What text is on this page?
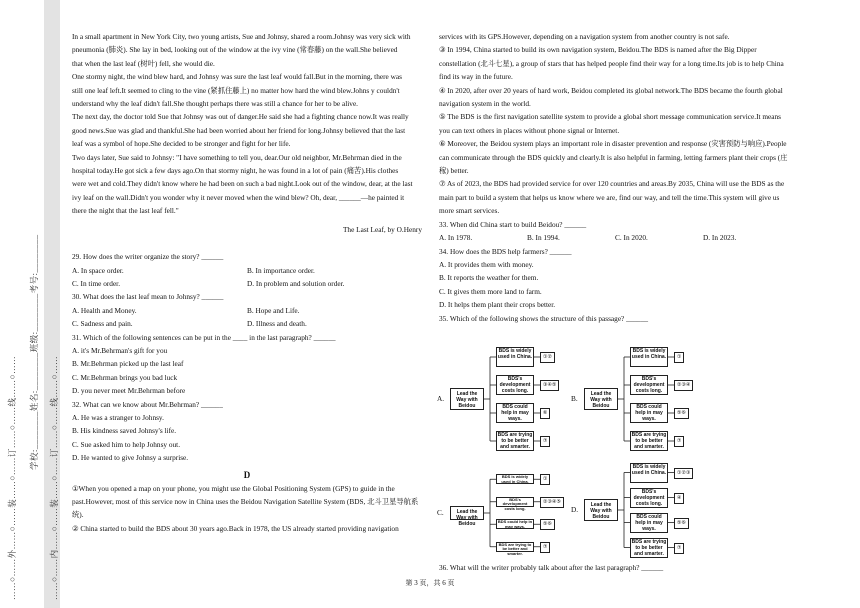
……○……外……○……装……○……订……○……线……○……
学校:________姓名:________班级:________考号:________
……○……内……○……装……○……订……○……线……○……

In a small apartment in New York City, two young artists, Sue and Johnsy, shared a room.Johnsy was very sick with

pneumonia (肺炎). She lay in bed, looking out of the window at the ivy vine (常春藤) on the wall.She believed

that when the last leaf (树叶) fell, she would die.

One stormy night, the wind blew hard, and Johnsy was sure the last leaf would fall.But in the morning, there was

still one leaf left.It seemed to cling to the vine (紧抓住藤上) no matter how hard the wind blew.Johns y couldn't

understand why the leaf didn't fall.She thought perhaps there was still a chance for her to be alive.

The next day, the doctor told Sue that Johnsy was out of danger.He said she had a fighting chance now.It was really

good news.Sue was glad and thankful.She had been worried about her friend for long.Johnsy believed that the last

leaf was a symbol of hope.She decided to be stronger and fight for her life.

Two days later, Sue said to Johnsy: "I have something to tell you, dear.Our old neighbor, Mr.Behrman died in the

hospital today.He got sick a few days ago.On that stormy night, he was found in a lot of pain (痛苦).His clothes

were wet and cold.They didn't know where he had been on such a bad night.Look out of the window, dear, at the last

ivy leaf on the wall.Didn't you wonder why it never moved when the wind blew? Oh, dear, ______—he painted it

there the night that the last leaf fell."

The Last Leaf, by O.Henry

29. How does the writer organize the story? ______

A. In space order.	B. In importance order.
C. In time order.	D. In problem and solution order.

30. What does the last leaf mean to Johnsy? ______

A. Health and Money.	B. Hope and Life.
C. Sadness and pain.	D. Illness and death.

31. Which of the following sentences can be put in the ____ in the last paragraph? ______

A. it's Mr.Behrman's gift for you

B. Mr.Behrman picked up the last leaf

C. Mr.Behrman brings you bad luck

D. you never meet Mr.Behrman before

32. What can we know about Mr.Behrman? ______

A. He was a stranger to Johnsy.

B. His kindness saved Johnsy's life.

C. Sue asked him to help Johnsy out.

D. He wanted to give Johnsy a surprise.

D

①When you opened a map on your phone, you might use the Global Positioning System (GPS) to guide in the past.However, most of this service now in China uses the Beidou Navigation Satellite System (BDS, 北斗卫星导航系统).

② China started to build the BDS about 30 years ago.Back in 1978, the US already started providing navigation

services with its GPS.However, depending on a navigation system from another country is not safe.

③ In 1994, China started to build its own navigation system, Beidou.The BDS is named after the Big Dipper constellation (北斗七星), a group of stars that has helped people find their way for a long time.Its job is to help China find its way in the future.

④ In 2020, after over 20 years of hard work, Beidou completed its global network.The BDS became the fourth global navigation system in the world.

⑤ The BDS is the first navigation satellite system to provide a global short message communication service.It means you can text others in places without phone signal or Internet.

⑥ Moreover, the Beidou system plays an important role in disaster prevention and response (灾害预防与响应).People can communicate through the BDS quickly and clearly.It is also helpful in farming, letting farmers plant their crops (庄稼) better.

⑦ As of 2023, the BDS had provided service for over 120 countries and areas.By 2035, China will use the BDS as the main part to build a system that helps us know where we are, find our way, and tell the time.This system will give us more smart services.

33. When did China start to build Beidou? ______

A. In 1978.	B. In 1994.	C. In 2020.	D. In 2023.

34. How does the BDS help farmers? ______

A. It provides them with money.

B. It reports the weather for them.

C. It gives them more land to farm.

D. It helps them plant their crops better.

35. Which of the following shows the structure of this passage? ______

A.	Lead the Way with Beidou
BDS is widely used in China.	①②
BDS's development costs long.
③④⑤
BDS could help in may ways.
⑥
BDS are trying to be better and smarter.
⑦
B.	Lead the Way with Beidou
BDS is widely used in China.	①
BDS's development costs long.
②③④
BDS could help in may ways.
⑤⑥
BDS are trying to be better and smarter.
⑦
C.	Lead the Way with Beidou
BDS is widely used in China.	①
BDS's development costs long.
②③④⑤
BDS could help in may ways.	⑤⑥
BDS are trying to be better and smarter.
⑦
D.	Lead the Way with Beidou
BDS is widely used in China.	①②③
BDS's development costs long.
④
BDS could help in may ways.
⑤⑥
BDS are trying to be better and smarter.
⑦

36. What will the writer probably talk about after the last paragraph? ______

第 3 页，共 6 页
